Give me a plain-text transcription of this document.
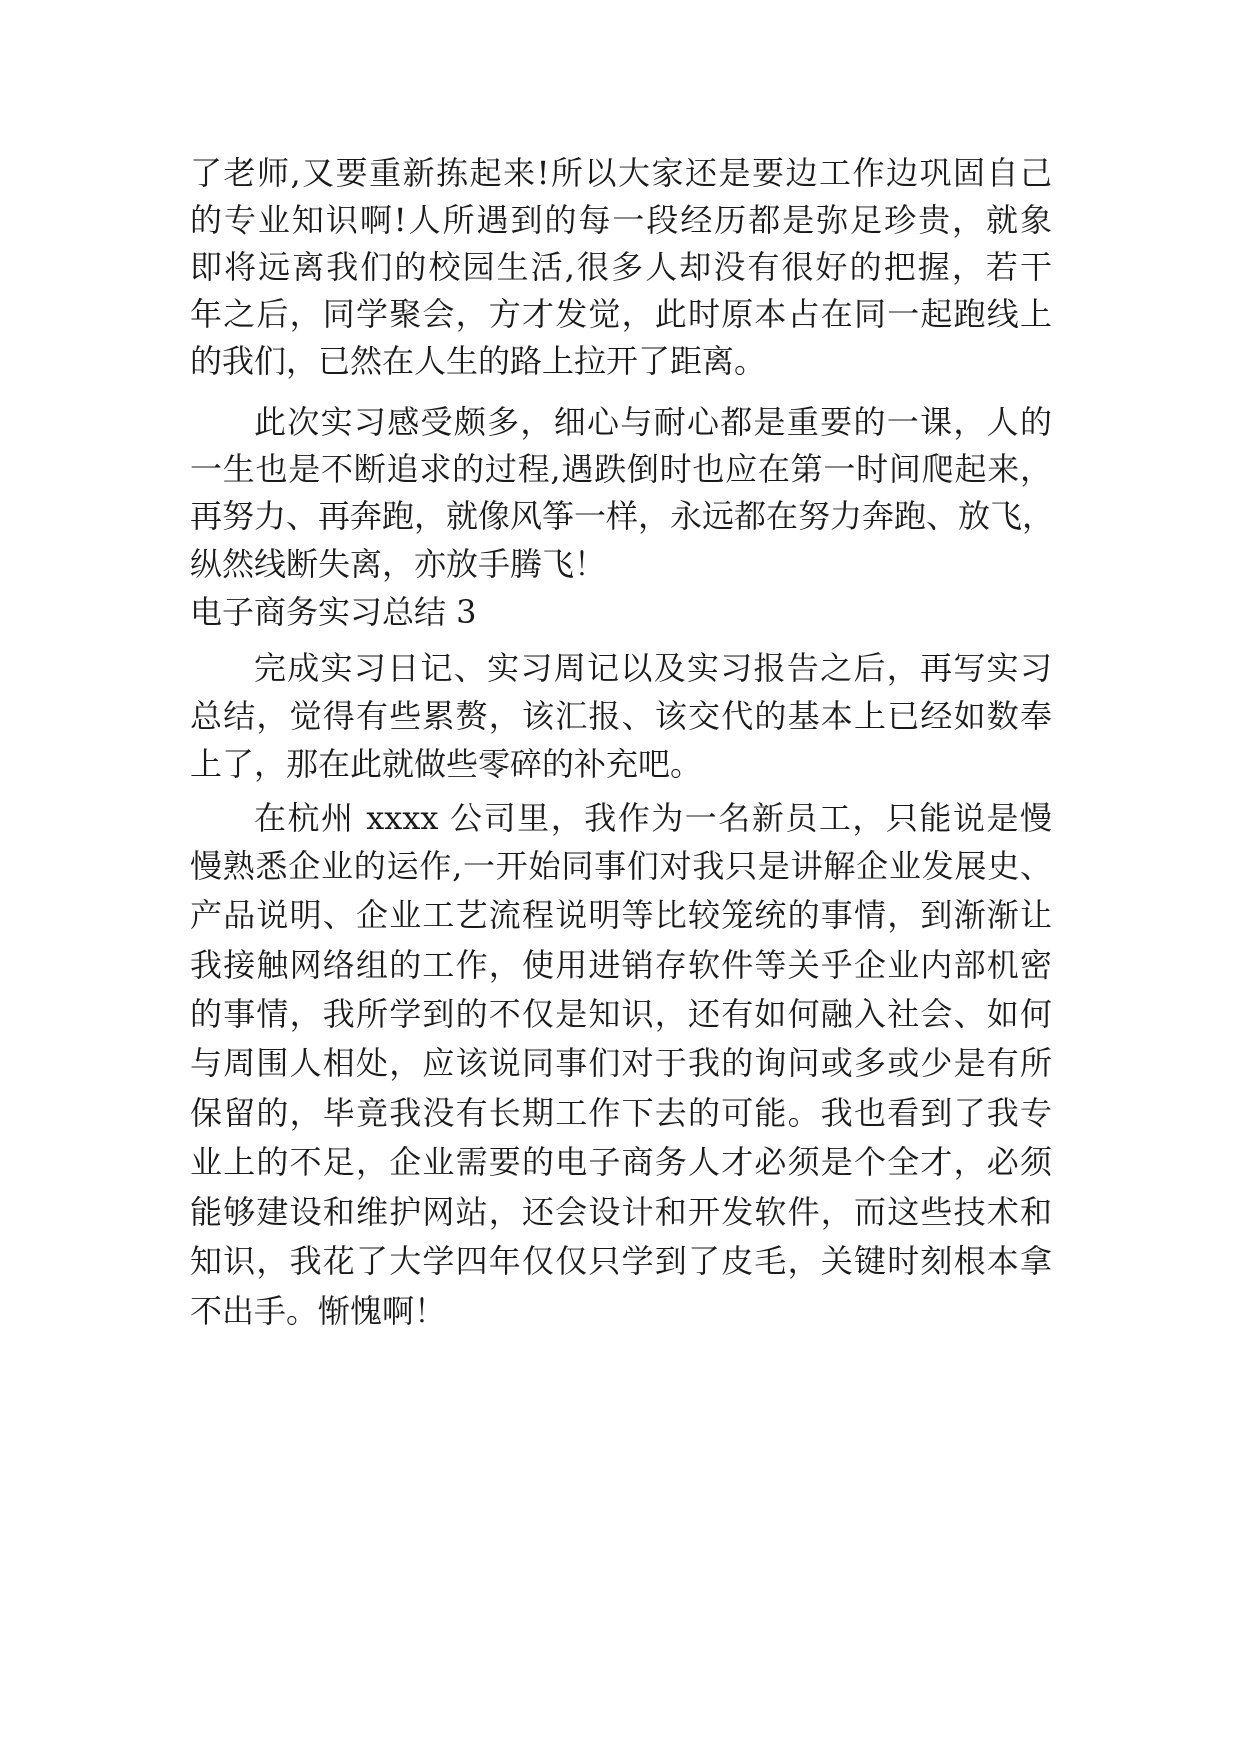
了老师,又要重新拣起来!所以大家还是要边工作边巩固自己
的专业知识啊!人所遇到的每一段经历都是弥足珍贵，就象
即将远离我们的校园生活,很多人却没有很好的把握，若干
年之后，同学聚会，方才发觉，此时原本占在同一起跑线上
的我们，已然在人生的路上拉开了距离。
此次实习感受颇多，细心与耐心都是重要的一课，人的
一生也是不断追求的过程,遇跌倒时也应在第一时间爬起来，
再努力、再奔跑，就像风筝一样，永远都在努力奔跑、放飞，
纵然线断失离，亦放手腾飞！
电子商务实习总结 3
完成实习日记、实习周记以及实习报告之后，再写实习
总结，觉得有些累赘，该汇报、该交代的基本上已经如数奉
上了，那在此就做些零碎的补充吧。
在杭州 xxxx 公司里，我作为一名新员工，只能说是慢
慢熟悉企业的运作,一开始同事们对我只是讲解企业发展史、
产品说明、企业工艺流程说明等比较笼统的事情，到渐渐让
我接触网络组的工作，使用进销存软件等关乎企业内部机密
的事情，我所学到的不仅是知识，还有如何融入社会、如何
与周围人相处，应该说同事们对于我的询问或多或少是有所
保留的，毕竟我没有长期工作下去的可能。我也看到了我专
业上的不足，企业需要的电子商务人才必须是个全才，必须
能够建设和维护网站，还会设计和开发软件，而这些技术和
知识，我花了大学四年仅仅只学到了皮毛，关键时刻根本拿
不出手。惭愧啊！
